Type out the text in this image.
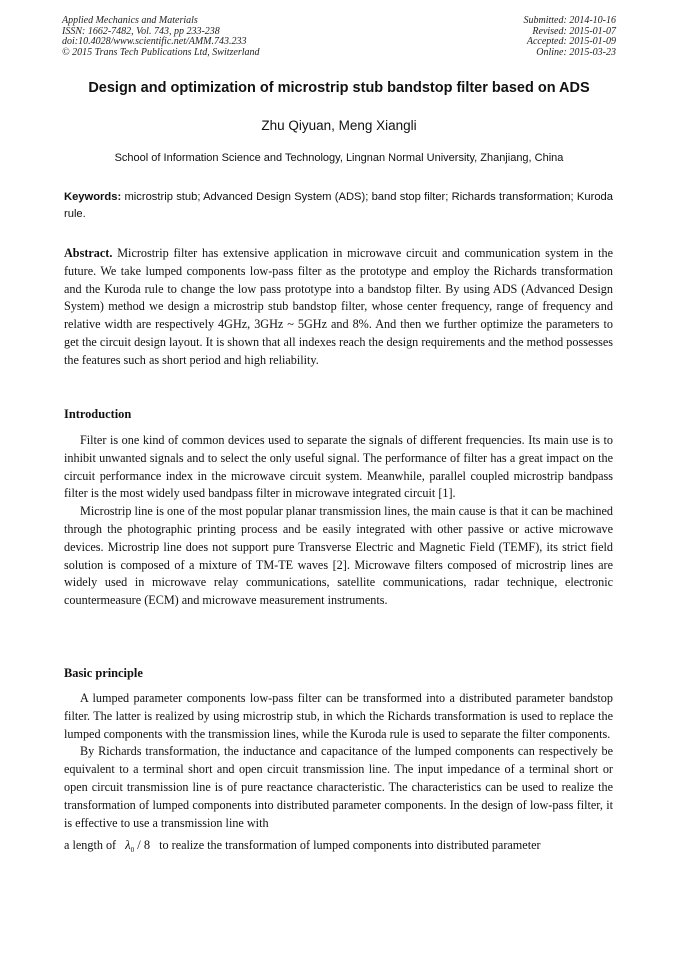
Applied Mechanics and Materials
ISSN: 1662-7482, Vol. 743, pp 233-238
doi:10.4028/www.scientific.net/AMM.743.233
© 2015 Trans Tech Publications Ltd, Switzerland
Submitted: 2014-10-16
Revised: 2015-01-07
Accepted: 2015-01-09
Online: 2015-03-23
Design and optimization of microstrip stub bandstop filter based on ADS
Zhu Qiyuan, Meng Xiangli
School of Information Science and Technology, Lingnan Normal University, Zhanjiang, China
Keywords: microstrip stub; Advanced Design System (ADS); band stop filter; Richards transformation; Kuroda rule.
Abstract. Microstrip filter has extensive application in microwave circuit and communication system in the future. We take lumped components low-pass filter as the prototype and employ the Richards transformation and the Kuroda rule to change the low pass prototype into a bandstop filter. By using ADS (Advanced Design System) method we design a microstrip stub bandstop filter, whose center frequency, range of frequency and relative width are respectively 4GHz, 3GHz ~ 5GHz and 8%. And then we further optimize the parameters to get the circuit design layout. It is shown that all indexes reach the design requirements and the method possesses the features such as short period and high reliability.
Introduction

Filter is one kind of common devices used to separate the signals of different frequencies. Its main use is to inhibit unwanted signals and to select the only useful signal. The performance of filter has a great impact on the circuit performance index in the microwave circuit system. Meanwhile, parallel coupled microstrip bandpass filter is the most widely used bandpass filter in microwave integrated circuit [1].

Microstrip line is one of the most popular planar transmission lines, the main cause is that it can be machined through the photographic printing process and be easily integrated with other passive or active microwave devices. Microstrip line does not support pure Transverse Electric and Magnetic Field (TEMF), its strict field solution is composed of a mixture of TM-TE waves [2]. Microwave filters composed of microstrip lines are widely used in microwave relay communications, satellite communications, radar technique, electronic countermeasure (ECM) and microwave measurement instruments.

Basic principle

A lumped parameter components low-pass filter can be transformed into a distributed parameter bandstop filter. The latter is realized by using microstrip stub, in which the Richards transformation is used to replace the lumped components with the transmission lines, while the Kuroda rule is used to separate the filter components.

By Richards transformation, the inductance and capacitance of the lumped components can respectively be equivalent to a terminal short and open circuit transmission line. The input impedance of a terminal short or open circuit transmission line is of pure reactance characteristic. The characteristics can be used to realize the transformation of lumped components into distributed parameter components. In the design of low-pass filter, it is effective to use a transmission line with

a length of $\lambda_0 / 8$ to realize the transformation of lumped components into distributed parameter
